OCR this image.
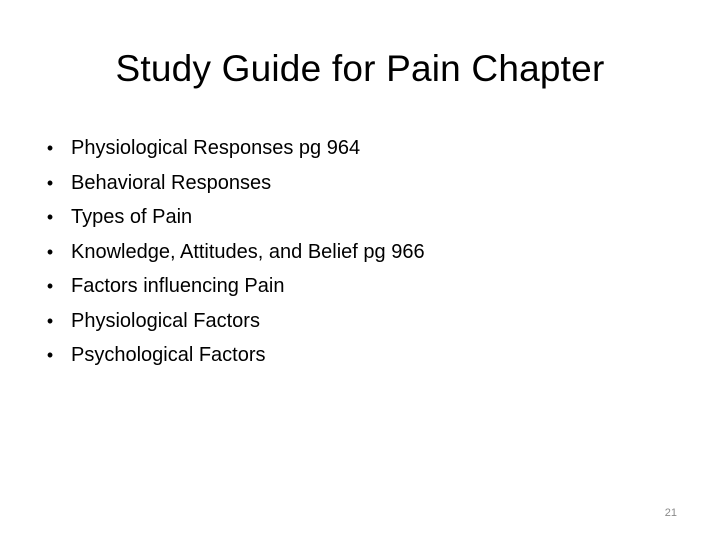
Study Guide for Pain Chapter
• Physiological Responses pg 964
• Behavioral Responses
• Types of Pain
• Knowledge, Attitudes, and Belief pg 966
• Factors influencing Pain
• Physiological Factors
• Psychological Factors
21
